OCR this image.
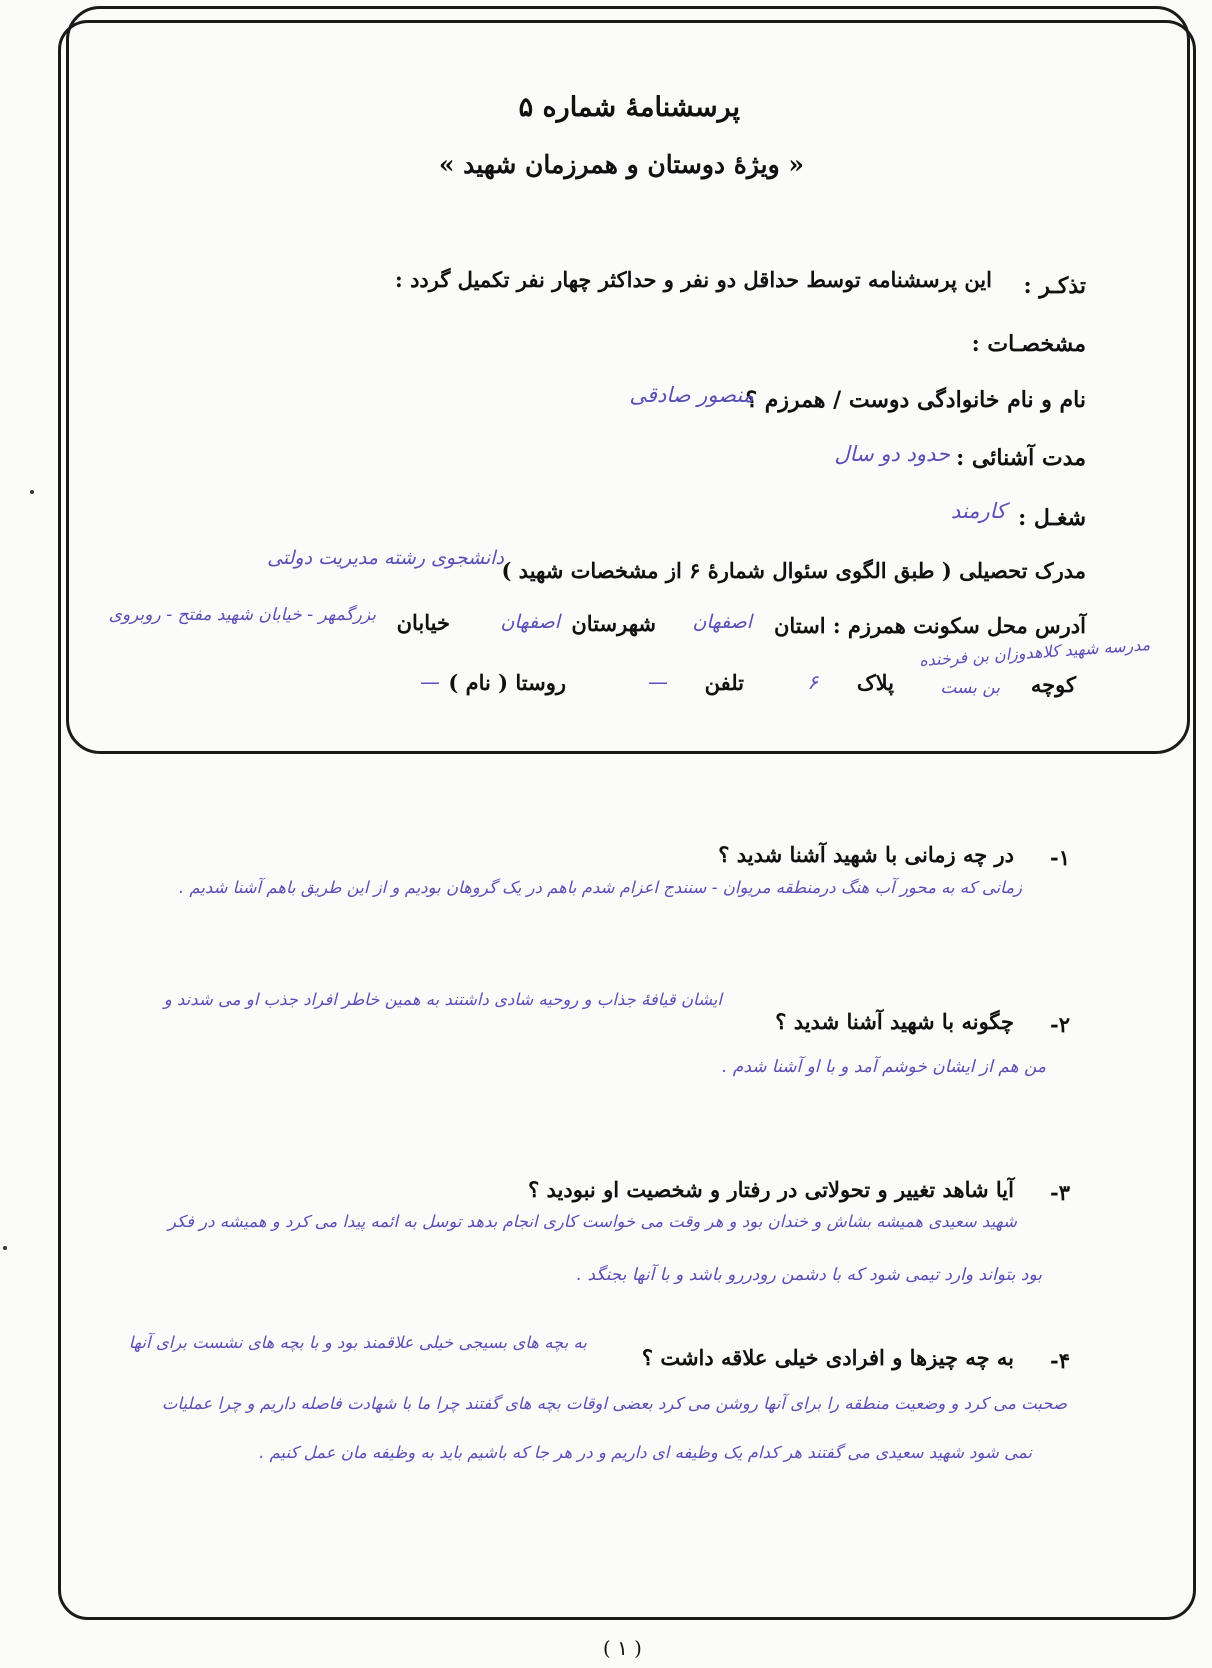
پرسشنامهٔ شماره ۵
« ویژهٔ دوستان و همرزمان شهید »
تذکـر :
این پرسشنامه توسط حداقل دو نفر و حداکثر چهار نفر تکمیل گردد :
مشخصـات :
نام و نام خانوادگی دوست / همرزم ؟
منصور صادقی
مدت آشنائی :
حدود دو سال
شغـل :
کارمند
مدرک تحصیلی ( طبق الگوی سئوال شمارهٔ ۶ از مشخصات شهید )
دانشجوی رشته مدیریت دولتی
آدرس محل سکونت همرزم : استان
اصفهان
شهرستان
اصفهان
خیابان
بزرگمهر - خیابان شهید مفتح - روبروی
مدرسه شهید کلاهدوزان بن فرخنده
کوچه
بن بست
پلاک
۶
تلفن
—
روستا ( نام )
—
۱-
در چه زمانی با شهید آشنا شدید ؟
زمانی که به محور آب هنگ درمنطقه مریوان - سنندج اعزام شدم باهم در یک گروهان بودیم و از این طریق باهم آشنا شدیم .
۲-
چگونه با شهید آشنا شدید ؟
ایشان قیافهٔ جذاب و روحیه شادی داشتند به همین خاطر افراد جذب او می شدند و
من هم از ایشان خوشم آمد و با او آشنا شدم .
۳-
آیا شاهد تغییر و تحولاتی در رفتار و شخصیت او نبودید ؟
شهید سعیدی همیشه بشاش و خندان بود و هر وقت می خواست کاری انجام بدهد توسل به ائمه پیدا می کرد و همیشه در فکر
بود بتواند وارد تیمی شود که با دشمن رودررو باشد و با آنها بجنگد .
۴-
به چه چیزها و افرادی خیلی علاقه داشت ؟
به بچه های بسیجی خیلی علاقمند بود و با بچه های نشست برای آنها
صحبت می کرد و وضعیت منطقه را برای آنها روشن می کرد بعضی اوقات بچه های گفتند چرا ما با شهادت فاصله داریم و چرا عملیات
نمی شود شهید سعیدی می گفتند هر کدام یک وظیفه ای داریم و در هر جا که باشیم باید به وظیفه مان عمل کنیم .
( ۱ )
